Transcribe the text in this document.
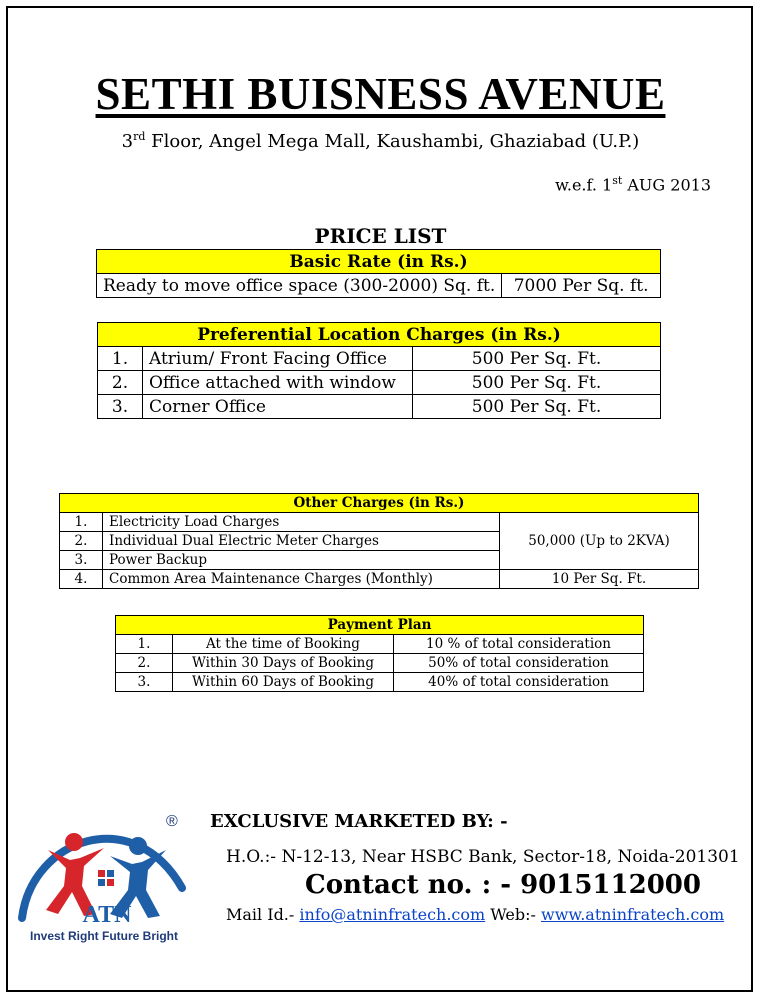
SETHI BUISNESS AVENUE
3rd Floor, Angel Mega Mall, Kaushambi, Ghaziabad (U.P.)
w.e.f. 1st AUG 2013
PRICE LIST
Basic Rate (in Rs.)
Ready to move office space (300-2000) Sq. ft.	7000 Per Sq. ft.
Preferential Location Charges (in Rs.)		
1.	Atrium/ Front Facing Office	500 Per Sq. Ft.
2.	Office attached with window	500 Per Sq. Ft.
3.	Corner Office	500 Per Sq. Ft.
Other Charges (in Rs.)		
1.	Electricity Load Charges	50,000 (Up to 2KVA)
2.	Individual Dual Electric Meter Charges	
3.	Power Backup	
4.	Common Area Maintenance Charges (Monthly)	10 Per Sq. Ft.
Payment Plan		
1.	At the time of Booking	10 % of total consideration
2.	Within 30 Days of Booking	50% of total consideration
3.	Within 60 Days of Booking	40% of total consideration
®
ATN
Invest Right Future Bright
EXCLUSIVE MARKETED BY: -
H.O.:- N-12-13, Near HSBC Bank, Sector-18, Noida-201301
Contact no. : - 9015112000
Mail Id.- info@atninfratech.com Web:- www.atninfratech.com
